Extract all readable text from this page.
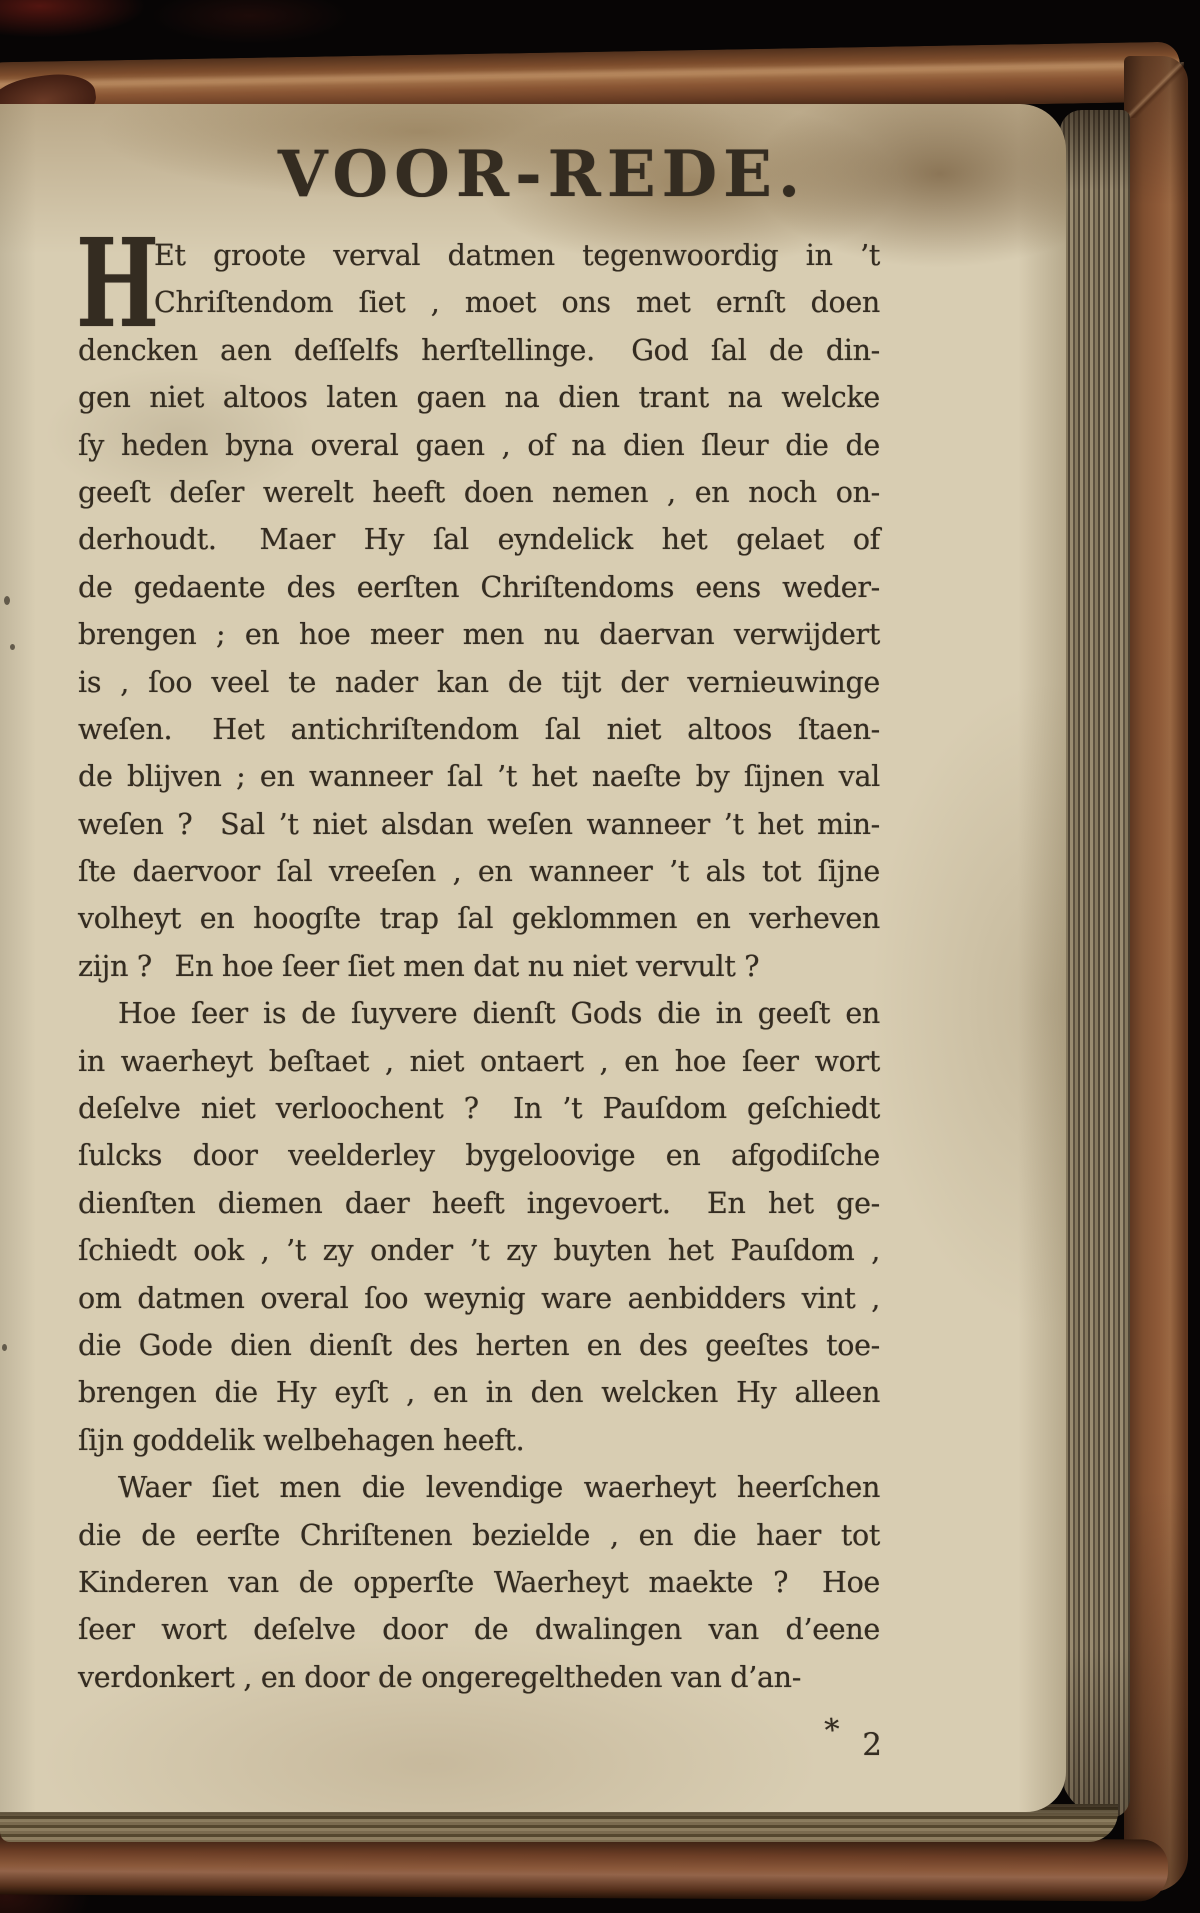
VOOR-REDE.
H
Et groote verval datmen tegenwoordig in ’t
Chriſtendom ſiet , moet ons met ernſt doen
dencken aen deſſelfs herſtellinge.  God ſal de din-
gen niet altoos laten gaen na dien trant na welcke
ſy heden byna overal gaen , of na dien ſleur die de
geeſt deſer werelt heeft doen nemen , en noch on-
derhoudt.  Maer Hy ſal eyndelick het gelaet of
de gedaente des eerſten Chriſtendoms eens weder-
brengen ; en hoe meer men nu daervan verwijdert
is , ſoo veel te nader kan de tijt der vernieuwinge
weſen.  Het antichriſtendom ſal niet altoos ſtaen-
de blijven ; en wanneer ſal ’t het naeſte by ſijnen val
weſen ?  Sal ’t niet alsdan weſen wanneer ’t het min-
ſte daervoor ſal vreeſen , en wanneer ’t als tot ſijne
volheyt en hoogſte trap ſal geklommen en verheven
zijn ?  En hoe ſeer ſiet men dat nu niet vervult ?
Hoe ſeer is de ſuyvere dienſt Gods die in geeſt en
in waerheyt beſtaet , niet ontaert , en hoe ſeer wort
deſelve niet verloochent ?  In ’t Pauſdom geſchiedt
ſulcks door veelderley bygeloovige en afgodiſche
dienſten diemen daer heeft ingevoert.  En het ge-
ſchiedt ook , ’t zy onder ’t zy buyten het Pauſdom ,
om datmen overal ſoo weynig ware aenbidders vint ,
die Gode dien dienſt des herten en des geeſtes toe-
brengen die Hy eyſt , en in den welcken Hy alleen
ſijn goddelik welbehagen heeft.
Waer ſiet men die levendige waerheyt heerſchen
die de eerſte Chriſtenen bezielde , en die haer tot
Kinderen van de opperſte Waerheyt maekte ?  Hoe
ſeer wort deſelve door de dwalingen van d’eene
verdonkert , en door de ongeregeltheden van d’an-
* 2
